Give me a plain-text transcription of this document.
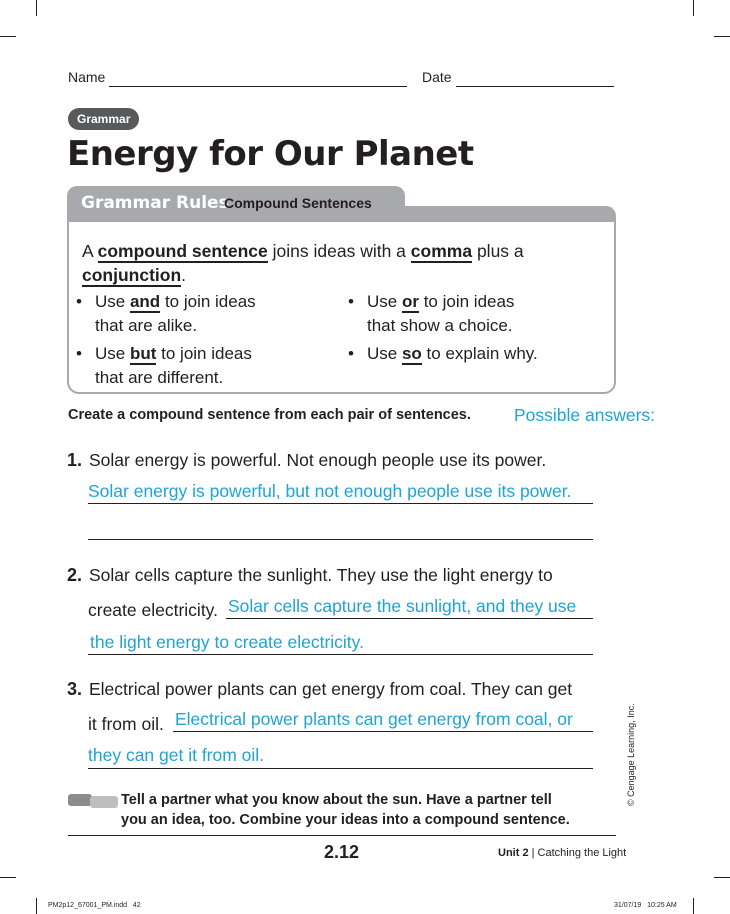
Name	Date
Grammar
Energy for Our Planet
Grammar Rules
Compound Sentences
A compound sentence joins ideas with a comma plus a
conjunction.
• Use and to join ideas
that are alike.
• Use but to join ideas
that are different.
• Use or to join ideas
that show a choice.
• Use so to explain why.
Create a compound sentence from each pair of sentences. Possible answers:
1. Solar energy is powerful. Not enough people use its power.
Solar energy is powerful, but not enough people use its power.
2. Solar cells capture the sunlight. They use the light energy to
create electricity. Solar cells capture the sunlight, and they use
the light energy to create electricity.
3. Electrical power plants can get energy from coal. They can get
it from oil. Electrical power plants can get energy from coal, or
they can get it from oil.	© Cengage Learning, Inc.
Tell a partner what you know about the sun. Have a partner tell
you an idea, too. Combine your ideas into a compound sentence.
2.12	Unit 2 | Catching the Light
PM2p12_67001_PM.indd   42	31/07/19   10:25 AM
